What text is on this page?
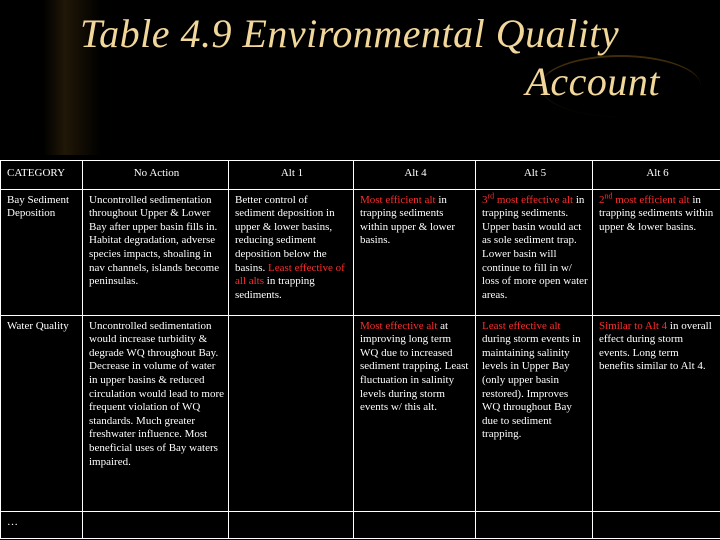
Table 4.9 Environmental Quality
Account
CATEGORY	No Action	Alt 1	Alt 4	Alt 5	Alt 6
Bay Sediment Deposition	Uncontrolled sedimentation throughout Upper & Lower Bay after upper basin fills in. Habitat degradation, adverse species impacts, shoaling in nav channels, islands become peninsulas.	Better control of sediment deposition in upper & lower basins, reducing sediment deposition below the basins. Least effective of all alts in trapping sediments.	Most efficient alt in trapping sediments within upper & lower basins.	3rd most effective alt in trapping sediments. Upper basin would act as sole sediment trap. Lower basin will continue to fill in w/ loss of more open water areas.	2nd most efficient alt in trapping sediments within upper & lower basins.
Water Quality	Uncontrolled sedimentation would increase turbidity & degrade WQ throughout Bay. Decrease in volume of water in upper basins & reduced circulation would lead to more frequent violation of WQ standards. Much greater freshwater influence. Most beneficial uses of Bay waters impaired.		Most effective alt at improving long term WQ due to increased sediment trapping. Least fluctuation in salinity levels during storm events w/ this alt.	Least effective alt during storm events in maintaining salinity levels in Upper Bay (only upper basin restored). Improves WQ throughout Bay due to sediment trapping.	Similar to Alt 4 in overall effect during storm events. Long term benefits similar to Alt 4.
…					
